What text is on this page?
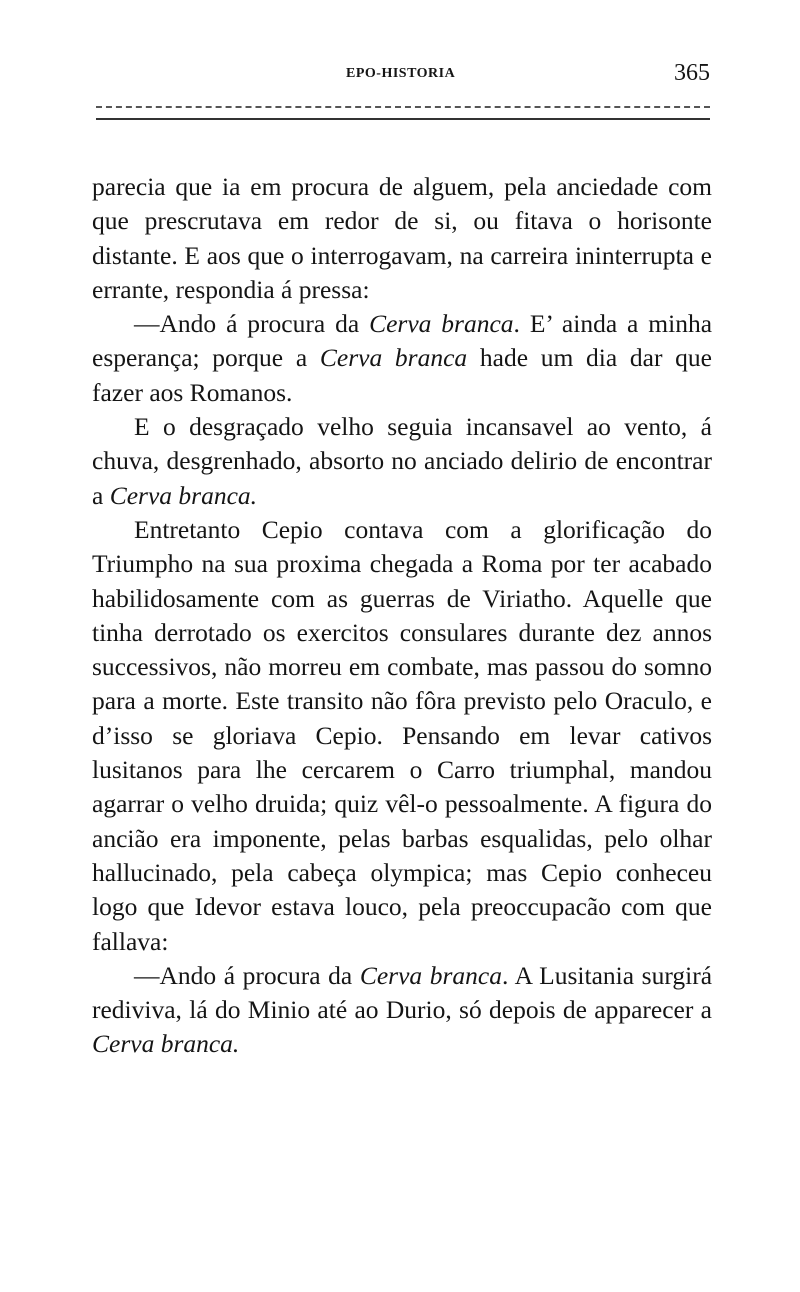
EPO-HISTORIA	365

parecia que ia em procura de alguem, pela anciedade com que prescrutava em redor de si, ou fitava o horisonte distante. E aos que o interrogavam, na carreira ininterrupta e errante, respondia á pressa:

—Ando á procura da Cerva branca. E’ ainda a minha esperança; porque a Cerva branca hade um dia dar que fazer aos Romanos.

E o desgraçado velho seguia incansavel ao vento, á chuva, desgrenhado, absorto no anciado delirio de encontrar a Cerva branca.

Entretanto Cepio contava com a glorificação do Triumpho na sua proxima chegada a Roma por ter acabado habilidosamente com as guerras de Viriatho. Aquelle que tinha derrotado os exercitos consulares durante dez annos successivos, não morreu em combate, mas passou do somno para a morte. Este transito não fôra previsto pelo Oraculo, e d’isso se gloriava Cepio. Pensando em levar cativos lusitanos para lhe cercarem o Carro triumphal, mandou agarrar o velho druida; quiz vêl-o pessoalmente. A figura do ancião era imponente, pelas barbas esqualidas, pelo olhar hallucinado, pela cabeça olympica; mas Cepio conheceu logo que Idevor estava louco, pela preoccupacão com que fallava:

—Ando á procura da Cerva branca. A Lusitania surgirá rediviva, lá do Minio até ao Durio, só depois de apparecer a Cerva branca.
